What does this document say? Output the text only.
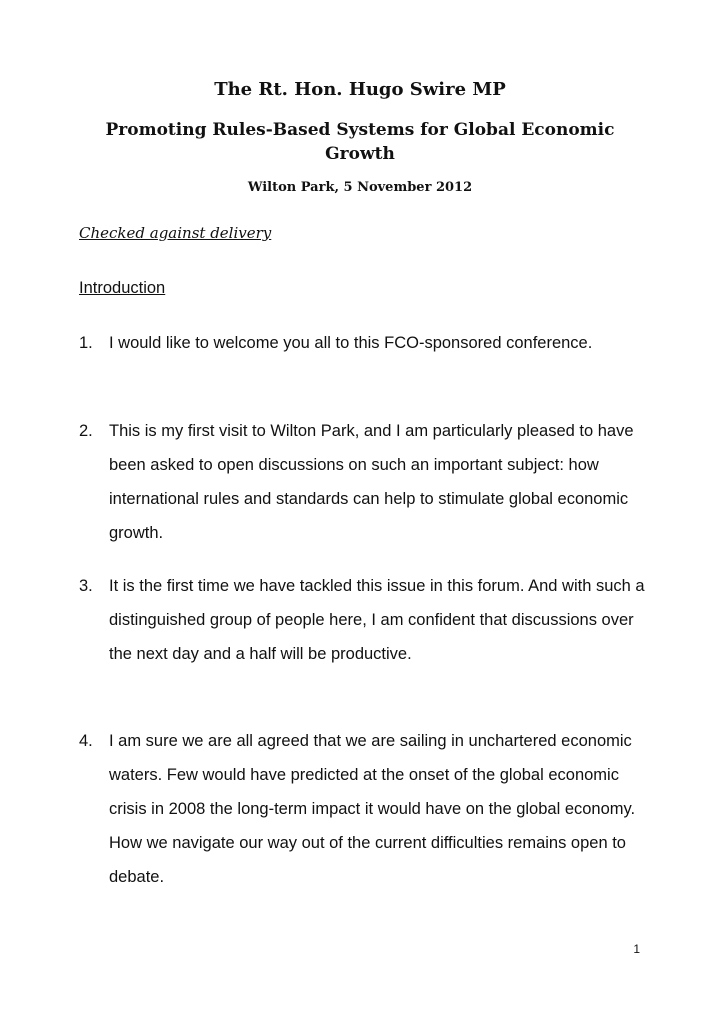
The Rt. Hon. Hugo Swire MP
Promoting Rules-Based Systems for Global Economic Growth
Wilton Park, 5 November 2012
Checked against delivery
Introduction
1. I would like to welcome you all to this FCO-sponsored conference.
2. This is my first visit to Wilton Park, and I am particularly pleased to have been asked to open discussions on such an important subject: how international rules and standards can help to stimulate global economic growth.
3. It is the first time we have tackled this issue in this forum. And with such a distinguished group of people here, I am confident that discussions over the next day and a half will be productive.
4. I am sure we are all agreed that we are sailing in unchartered economic waters. Few would have predicted at the onset of the global economic crisis in 2008 the long-term impact it would have on the global economy. How we navigate our way out of the current difficulties remains open to debate.
1
